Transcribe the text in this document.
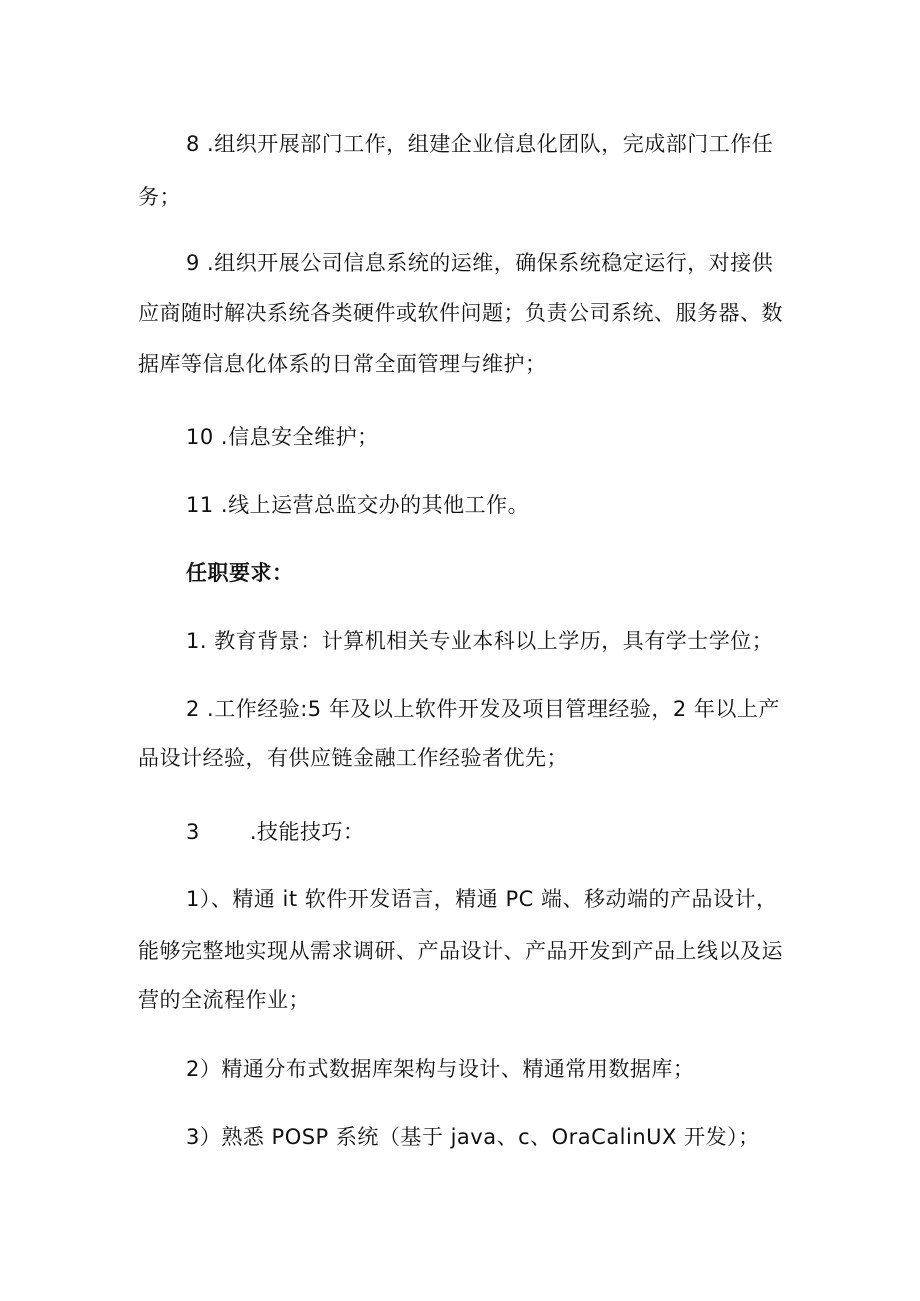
8 .组织开展部门工作，组建企业信息化团队，完成部门工作任
务；
9 .组织开展公司信息系统的运维，确保系统稳定运行，对接供
应商随时解决系统各类硬件或软件问题；负责公司系统、服务器、数
据库等信息化体系的日常全面管理与维护；
10 .信息安全维护；
11 .线上运营总监交办的其他工作。
任职要求：
1. 教育背景：计算机相关专业本科以上学历，具有学士学位；
2 .工作经验:5 年及以上软件开发及项目管理经验，2 年以上产
品设计经验，有供应链金融工作经验者优先；
3 .技能技巧：
1）、精通 it 软件开发语言，精通 PC 端、移动端的产品设计，
能够完整地实现从需求调研、产品设计、产品开发到产品上线以及运
营的全流程作业；
2）精通分布式数据库架构与设计、精通常用数据库；
3）熟悉 POSP 系统（基于 java、c、OraCalinUX 开发）；
